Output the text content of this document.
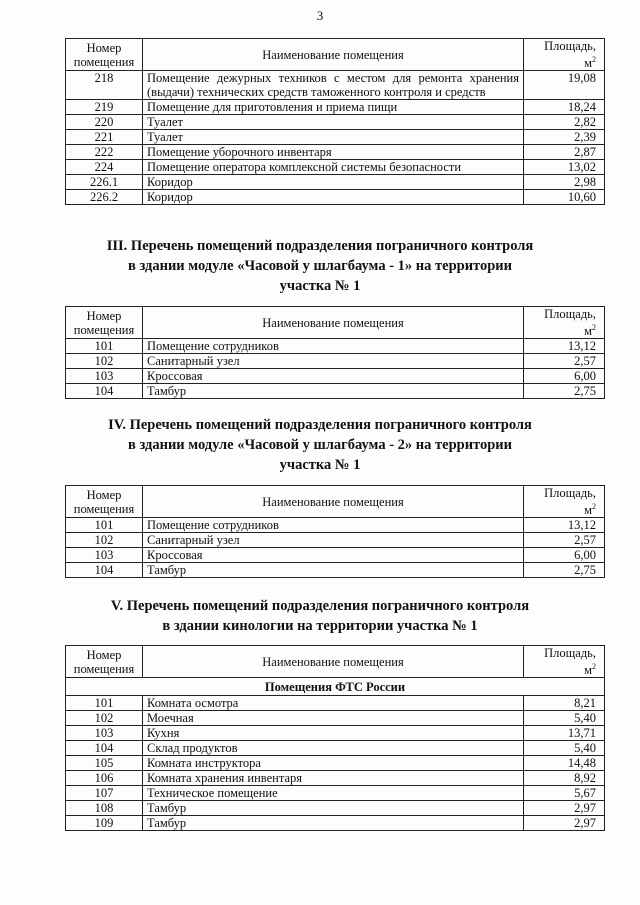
3
Номер помещения	Наименование помещения	Площадь,
$м^2$

218	Помещение дежурных техников с местом для ремонта хранения (выдачи) технических средств таможенного контроля и средств	19,08
219	Помещение для приготовления и приема пищи	18,24
220	Туалет	2,82
221	Туалет	2,39
222	Помещение уборочного инвентаря	2,87
224	Помещение оператора комплексной системы безопасности	13,02
226.1	Коридор	2,98
226.2	Коридор	10,60
III. Перечень помещений подразделения пограничного контроля
в здании модуле «Часовой у шлагбаума - 1» на территории
участка № 1
Номер помещения	Наименование помещения	Площадь,
$м^2$

101	Помещение сотрудников	13,12
102	Санитарный узел	2,57
103	Кроссовая	6,00
104	Тамбур	2,75
IV. Перечень помещений подразделения пограничного контроля
в здании модуле «Часовой у шлагбаума - 2» на территории
участка № 1
Номер помещения	Наименование помещения	Площадь,
$м^2$

101	Помещение сотрудников	13,12
102	Санитарный узел	2,57
103	Кроссовая	6,00
104	Тамбур	2,75
V. Перечень помещений подразделения пограничного контроля
в здании кинологии на территории участка № 1
Номер помещения	Наименование помещения	Площадь,
$м^2$

Помещения ФТС России		
101	Комната осмотра	8,21
102	Моечная	5,40
103	Кухня	13,71
104	Склад продуктов	5,40
105	Комната инструктора	14,48
106	Комната хранения инвентаря	8,92
107	Техническое помещение	5,67
108	Тамбур	2,97
109	Тамбур	2,97
